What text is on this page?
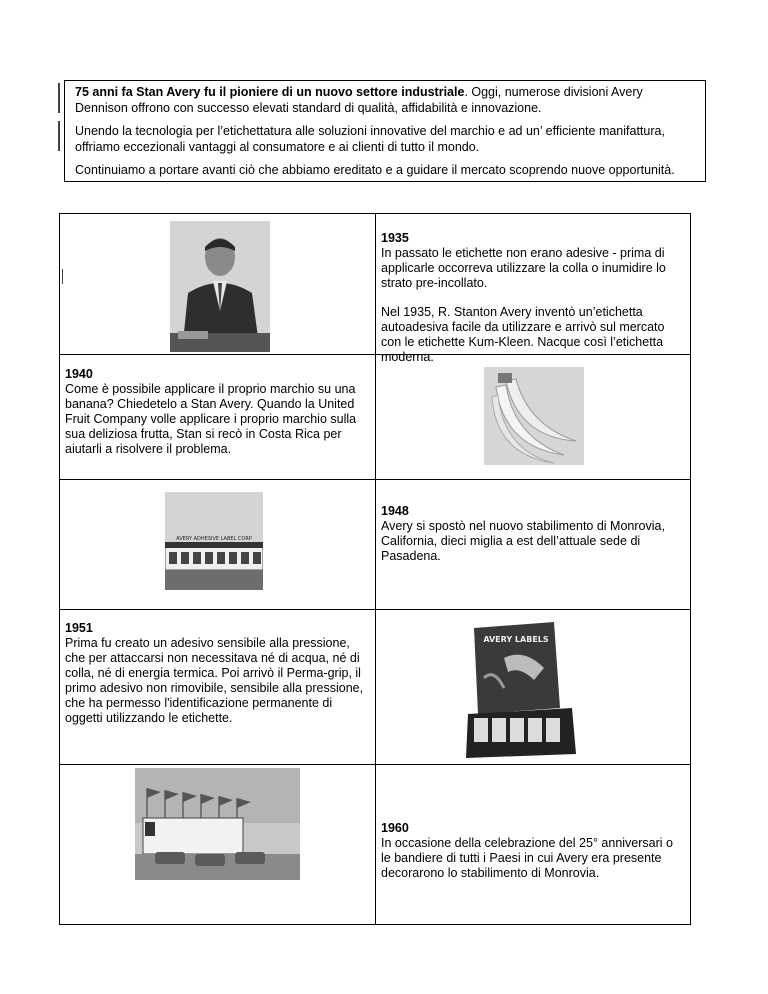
75 anni fa Stan Avery fu il pioniere di un nuovo settore industriale. Oggi, numerose divisioni Avery Dennison offrono con successo elevati standard di qualità, affidabilità e innovazione.

Unendo la tecnologia per l’etichettatura alle soluzioni innovative del marchio e ad un’ efficiente manifattura, offriamo eccezionali vantaggi al consumatore e ai clienti di tutto il mondo.

Continuiamo a portare avanti ciò che abbiamo ereditato e a guidare il mercato scoprendo nuove opportunità.

1935

In passato le etichette non erano adesive - prima di applicarle occorreva utilizzare la colla o inumidire lo strato pre-incollato.

Nel 1935, R. Stanton Avery inventò un’etichetta autoadesiva facile da utilizzare e arrivò sul mercato con le etichette Kum-Kleen. Nacque così l’etichetta moderna.

1940

Come è possibile applicare il proprio marchio su una banana? Chiedetelo a Stan Avery. Quando la United Fruit Company volle applicare i proprio marchio sulla sua deliziosa frutta, Stan si recò in Costa Rica per aiutarli a risolvere il problema.

AVERY ADHESIVE LABEL CORP
1948

Avery si spostò nel nuovo stabilimento di Monrovia, California, dieci miglia a est dell’attuale sede di Pasadena.

1951

Prima fu creato un adesivo sensibile alla pressione, che per attaccarsi non necessitava né di acqua, né di colla, né di energia termica. Poi arrivò il Perma-grip, il primo adesivo non rimovibile, sensibile alla pressione, che ha permesso l'identificazione permanente di oggetti utilizzando le etichette.

AVERY LABELS
1960

In occasione della celebrazione del 25° anniversari o le bandiere di tutti i Paesi in cui Avery era presente decorarono lo stabilimento di Monrovia.
